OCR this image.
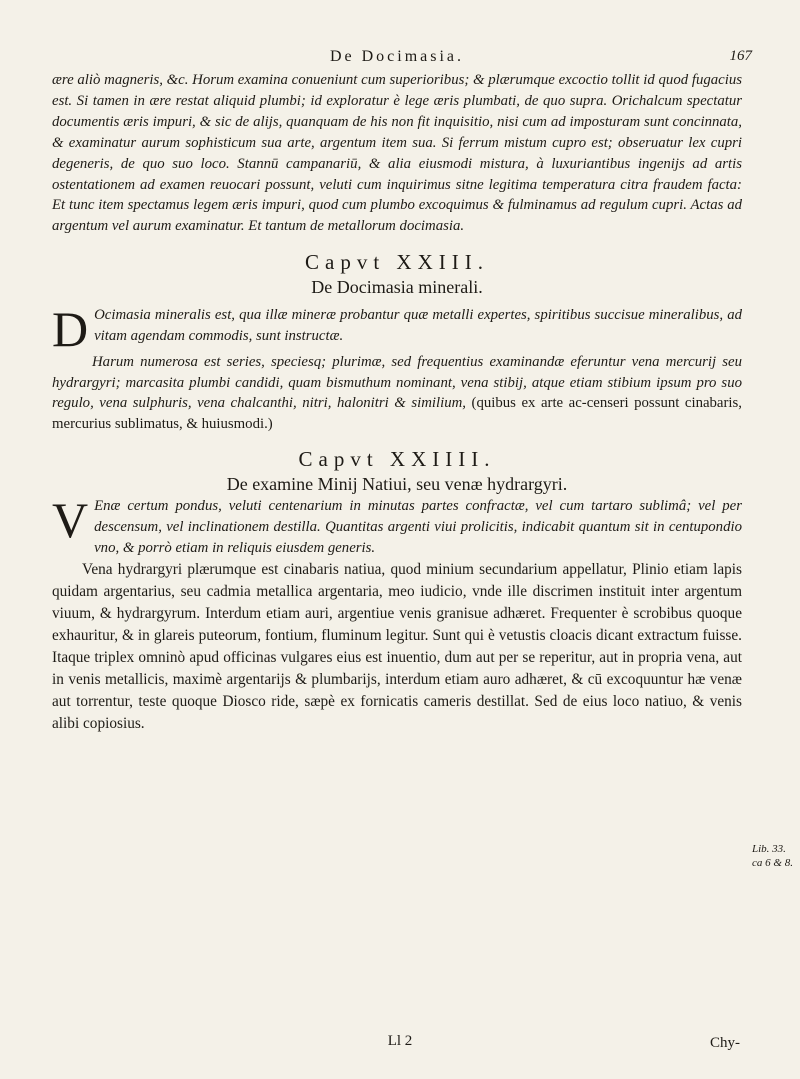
De Docimasia.	167

ære aliò magneris, &c. Horum examina conueniunt cum superioribus; & plærumque excoctio tollit id quod fugacius est. Si tamen in ære restat aliquid plumbi; id exploratur è lege æris plumbati, de quo supra. Orichalcum spectatur documentis æris impuri, & sic de alijs, quanquam de his non fit inquisitio, nisi cum ad imposturam sunt concinnata, & examinatur aurum sophisticum sua arte, argentum item sua. Si ferrum mistum cupro est; obseruatur lex cupri degeneris, de quo suo loco. Stannū campanariū, & alia eiusmodi mistura, à luxuriantibus ingenijs ad artis ostentationem ad examen reuocari possunt, veluti cum inquirimus sitne legitima temperatura citra fraudem facta: Et tunc item spectamus legem æris impuri, quod cum plumbo excoquimus & fulminamus ad regulum cupri. Actas ad argentum vel aurum examinatur. Et tantum de metallorum docimasia.

Capvt XXIII.
De Docimasia minerali.

D Ocimasia mineralis est, qua illæ mineræ probantur quæ metalli expertes, spiritibus succisue mineralibus, ad vitam agendam commodis, sunt instructæ.

Harum numerosa est series, speciesq; plurimæ, sed frequentius examinandæ eferuntur vena mercurij seu hydrargyri; marcasita plumbi candidi, quam bismuthum nominant, vena stibij, atque etiam stibium ipsum pro suo regulo, vena sulphuris, vena chalcanthi, nitri, halonitri & similium, (quibus ex arte ac-censeri possunt cinabaris, mercurius sublimatus, & huiusmodi.)

Capvt XXIIII.
De examine Minij Natiui, seu venæ hydrargyri.

V Enæ certum pondus, veluti centenarium in minutas partes confractæ, vel cum tartaro sublimâ; vel per descensum, vel inclinationem destilla. Quantitas argenti viui prolicitis, indicabit quantum sit in centupondio vno, & porrò etiam in reliquis eiusdem generis.

Vena hydrargyri plærumque est cinabaris natiua, quod minium secundarium appellatur, Plinio etiam lapis quidam argentarius, seu cadmia metallica argentaria, meo iudicio, vnde ille discrimen instituit inter argentum viuum, & hydrargyrum. Interdum etiam auri, argentiue venis granisue adhæret. Frequenter è scrobibus quoque exhauritur, & in glareis puteorum, fontium, fluminum legitur. Sunt qui è vetustis cloacis dicant extractum fuisse. Itaque triplex omninò apud officinas vulgares eius est inuentio, dum aut per se reperitur, aut in propria vena, aut in venis metallicis, maximè argentarijs & plumbarijs, interdum etiam auro adhæret, & cū excoquuntur hæ venæ aut torrentur, teste quoque Diosco ride, sæpè ex fornicatis cameris destillat. Sed de eius loco natiuo, & venis alibi copiosius.

Lib. 33. ca 6 & 8.
Ll 2	Chy-
